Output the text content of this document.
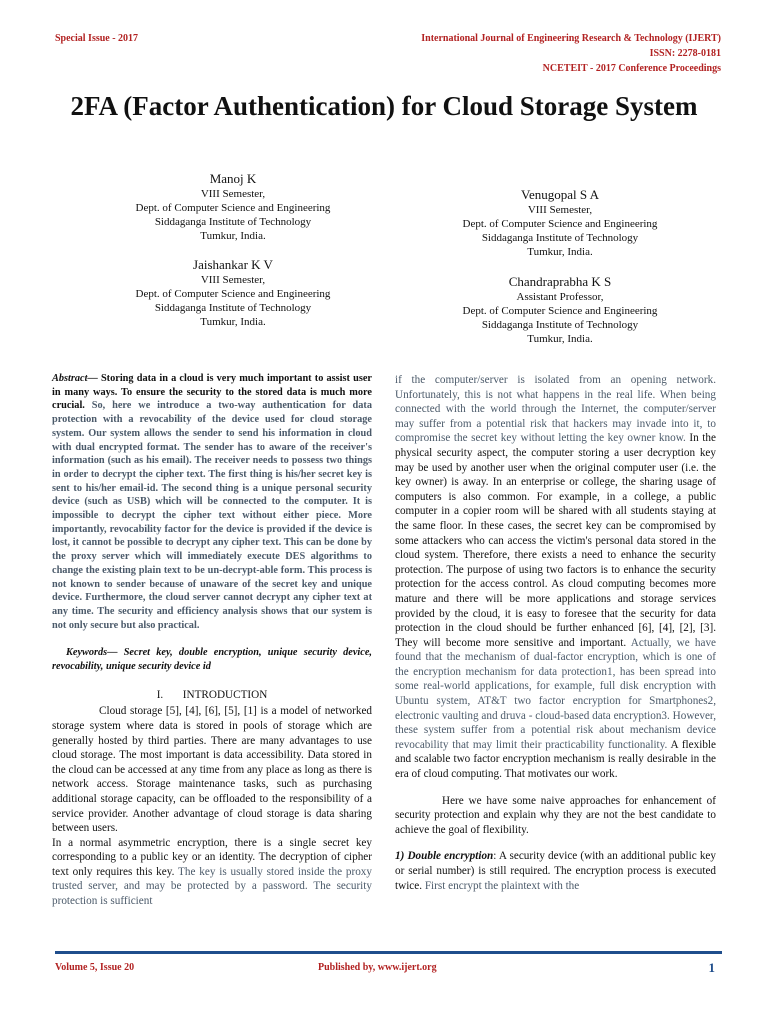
Special Issue - 2017	International Journal of Engineering Research & Technology (IJERT)
ISSN: 2278-0181
NCETEIT - 2017 Conference Proceedings
2FA (Factor Authentication) for Cloud Storage System
Manoj K
VIII Semester,
Dept. of Computer Science and Engineering
Siddaganga Institute of Technology
Tumkur, India.
Jaishankar K V
VIII Semester,
Dept. of Computer Science and Engineering
Siddaganga Institute of Technology
Tumkur, India.
Venugopal S A
VIII Semester,
Dept. of Computer Science and Engineering
Siddaganga Institute of Technology
Tumkur, India.
Chandraprabha K S
Assistant Professor,
Dept. of Computer Science and Engineering
Siddaganga Institute of Technology
Tumkur, India.

Abstract— Storing data in a cloud is very much important to assist user in many ways. To ensure the security to the stored data is much more crucial. So, here we introduce a two-way authentication for data protection with a revocability of the device used for cloud storage system. Our system allows the sender to send his information in cloud with dual encrypted format. The sender has to aware of the receiver's information (such as his email). The receiver needs to possess two things in order to decrypt the cipher text. The first thing is his/her secret key is sent to his/her email-id. The second thing is a unique personal security device (such as USB) which will be connected to the computer. It is impossible to decrypt the cipher text without either piece. More importantly, revocability factor for the device is provided if the device is lost, it cannot be possible to decrypt any cipher text. This can be done by the proxy server which will immediately execute DES algorithms to change the existing plain text to be un-decrypt-able form. This process is not known to sender because of unaware of the secret key and unique device. Furthermore, the cloud server cannot decrypt any cipher text at any time. The security and efficiency analysis shows that our system is not only secure but also practical.

Keywords— Secret key, double encryption, unique security device, revocability, unique security device id

I.       INTRODUCTION

Cloud storage [5], [4], [6], [5], [1] is a model of networked storage system where data is stored in pools of storage which are generally hosted by third parties. There are many advantages to use cloud storage. The most important is data accessibility. Data stored in the cloud can be accessed at any time from any place as long as there is network access. Storage maintenance tasks, such as purchasing additional storage capacity, can be offloaded to the responsibility of a service provider. Another advantage of cloud storage is data sharing between users.

In a normal asymmetric encryption, there is a single secret key corresponding to a public key or an identity. The decryption of cipher text only requires this key. The key is usually stored inside the proxy trusted server, and may be protected by a password. The security protection is sufficient

if the computer/server is isolated from an opening network. Unfortunately, this is not what happens in the real life. When being connected with the world through the Internet, the computer/server may suffer from a potential risk that hackers may invade into it, to compromise the secret key without letting the key owner know. In the physical security aspect, the computer storing a user decryption key may be used by another user when the original computer user (i.e. the key owner) is away. In an enterprise or college, the sharing usage of computers is also common. For example, in a college, a public computer in a copier room will be shared with all students staying at the same floor. In these cases, the secret key can be compromised by some attackers who can access the victim's personal data stored in the cloud system. Therefore, there exists a need to enhance the security protection. The purpose of using two factors is to enhance the security protection for the access control. As cloud computing becomes more mature and there will be more applications and storage services provided by the cloud, it is easy to foresee that the security for data protection in the cloud should be further enhanced [6], [4], [2], [3]. They will become more sensitive and important. Actually, we have found that the mechanism of dual-factor encryption, which is one of the encryption mechanism for data protection1, has been spread into some real-world applications, for example, full disk encryption with Ubuntu system, AT&T two factor encryption for Smartphones2, electronic vaulting and druva - cloud-based data encryption3. However, these system suffer from a potential risk about mechanism device revocability that may limit their practicability functionality. A flexible and scalable two factor encryption mechanism is really desirable in the era of cloud computing. That motivates our work.

Here we have some naive approaches for enhancement of security protection and explain why they are not the best candidate to achieve the goal of flexibility.

1) Double encryption: A security device (with an additional public key or serial number) is still required. The encryption process is executed twice. First encrypt the plaintext with the

Volume 5, Issue 20	Published by, www.ijert.org	1
